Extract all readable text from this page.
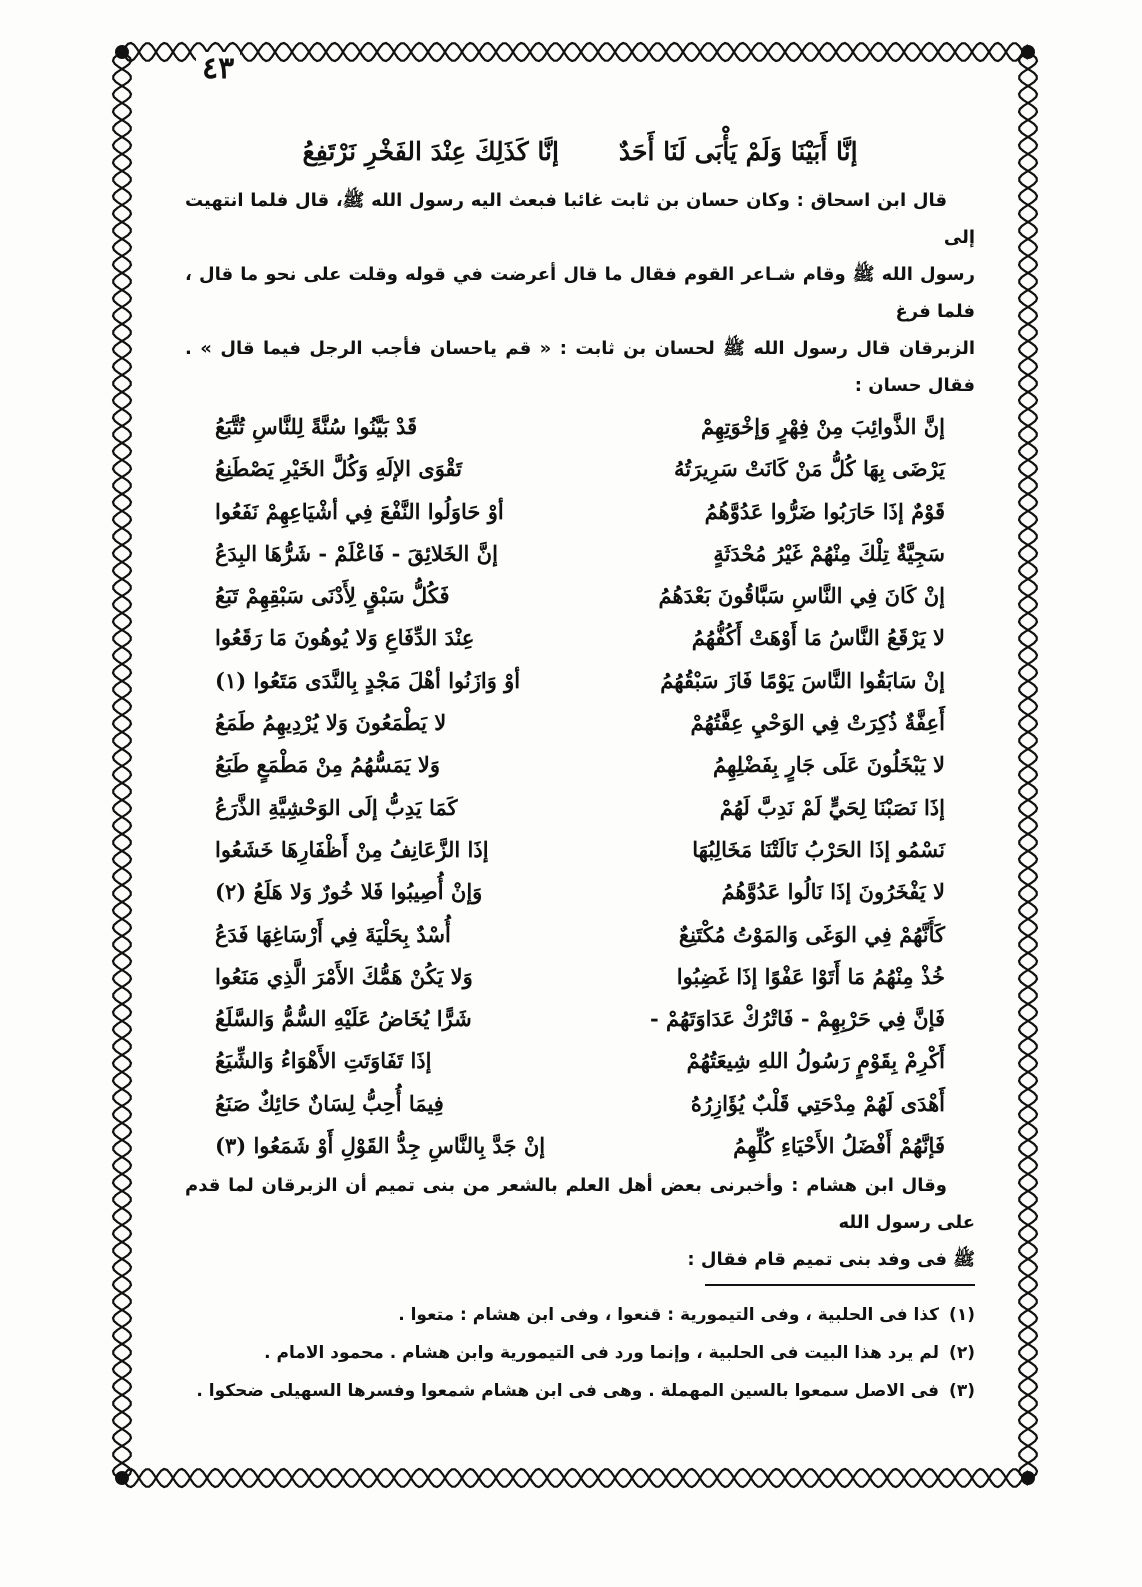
٤٣
إنَّا أَبَيْنَا وَلَمْ يَأْبَى لَنَا أَحَدٌ
إنَّا كَذَلِكَ عِنْدَ الفَخْرِ نَرْتَفِعُ

قال ابن اسحاق : وكان حسان بن ثابت غائبا فبعث اليه رسول الله ﷺ، قال فلما انتهيت إلى

رسول الله ﷺ وقام شـاعر القوم فقال ما قال أعرضت في قوله وقلت على نحو ما قال ، فلما فرغ

الزبرقان قال رسول الله ﷺ لحسان بن ثابت : « قم ياحسان فأجب الرجل فيما قال » . فقال حسان :

إنَّ الذَّوائِبَ مِنْ فِهْرٍ وَإخْوَتِهِمْ
قَدْ بَيَّنُوا سُنَّةً لِلنَّاسِ تُتَّبَعُ
يَرْضَى بِهَا كُلُّ مَنْ كَانَتْ سَرِيرَتُهُ
تَقْوَى الإلَهِ وَكُلَّ الخَيْرِ يَصْطَنِعُ
قَوْمٌ إذَا حَارَبُوا ضَرُّوا عَدُوَّهُمُ
أوْ حَاوَلُوا النَّفْعَ فِي أشْيَاعِهِمْ نَفَعُوا
سَجِيَّةٌ تِلْكَ مِنْهُمْ غَيْرُ مُحْدَثَةٍ
إنَّ الخَلائِقَ - فَاعْلَمْ - شَرُّهَا البِدَعُ
إنْ كَانَ فِي النَّاسِ سَبَّاقُونَ بَعْدَهُمُ
فَكُلُّ سَبْقٍ لِأَدْنَى سَبْقِهِمْ تَبَعُ
لا يَرْقَعُ النَّاسُ مَا أَوْهَتْ أَكُفُّهُمُ
عِنْدَ الدِّفَاعِ وَلا يُوهُونَ مَا رَقَعُوا
إنْ سَابَقُوا النَّاسَ يَوْمًا فَازَ سَبْقُهُمُ
أوْ وَازَنُوا أهْلَ مَجْدٍ بِالنَّدَى مَتَعُوا (١)
أَعِفَّةٌ ذُكِرَتْ فِي الوَحْيِ عِفَّتُهُمْ
لا يَطْمَعُونَ وَلا يُرْدِيهِمُ طَمَعُ
لا يَبْخَلُونَ عَلَى جَارٍ بِفَضْلِهِمُ
وَلا يَمَسُّهُمُ مِنْ مَطْمَعٍ طَبَعُ
إذَا نَصَبْنَا لِحَيٍّ لَمْ نَدِبَّ لَهُمْ
كَمَا يَدِبُّ إلَى الوَحْشِيَّةِ الذَّرَعُ
نَسْمُو إذَا الحَرْبُ نَالَتْنَا مَخَالِبُهَا
إذَا الزَّعَانِفُ مِنْ أَظْفَارِهَا خَشَعُوا
لا يَفْخَرُونَ إذَا نَالُوا عَدُوَّهُمُ
وَإنْ أُصِيبُوا فَلا خُورٌ وَلا هَلَعُ (٢)
كَأَنَّهُمْ فِي الوَغَى وَالمَوْتُ مُكْتَنِعٌ
أُسْدٌ بِحَلْيَةَ فِي أَرْسَاغِهَا فَدَعُ
خُذْ مِنْهُمُ مَا أَتَوْا عَفْوًا إذَا غَضِبُوا
وَلا يَكُنْ هَمُّكَ الأَمْرَ الَّذِي مَنَعُوا
فَإنَّ فِي حَرْبِهِمْ - فَاتْرُكْ عَدَاوَتَهُمْ -
شَرًّا يُخَاضُ عَلَيْهِ السُّمُّ وَالسَّلَعُ
أَكْرِمْ بِقَوْمٍ رَسُولُ اللهِ شِيعَتُهُمْ
إذَا تَفَاوَتَتِ الأَهْوَاءُ وَالشِّيَعُ
أَهْدَى لَهُمْ مِدْحَتِي قَلْبٌ يُؤَازِرُهُ
فِيمَا أُحِبُّ لِسَانٌ حَائِكٌ صَنَعُ
فَإنَّهُمْ أَفْضَلُ الأَحْيَاءِ كُلِّهِمُ
إنْ جَدَّ بِالنَّاسِ جِدُّ القَوْلِ أَوْ شَمَعُوا (٣)

وقال ابن هشام : وأخبرنى بعض أهل العلم بالشعر من بنى تميم أن الزبرقان لما قدم على رسول الله

ﷺ فى وفد بنى تميم قام فقال :

(١)كذا فى الحلبية ، وفى التيمورية : قنعوا ، وفى ابن هشام : متعوا .
(٢)لم يرد هذا البيت فى الحلبية ، وإنما ورد فى التيمورية وابن هشام . محمود الامام .
(٣)فى الاصل سمعوا بالسين المهملة . وهى فى ابن هشام شمعوا وفسرها السهيلى ضحكوا .
